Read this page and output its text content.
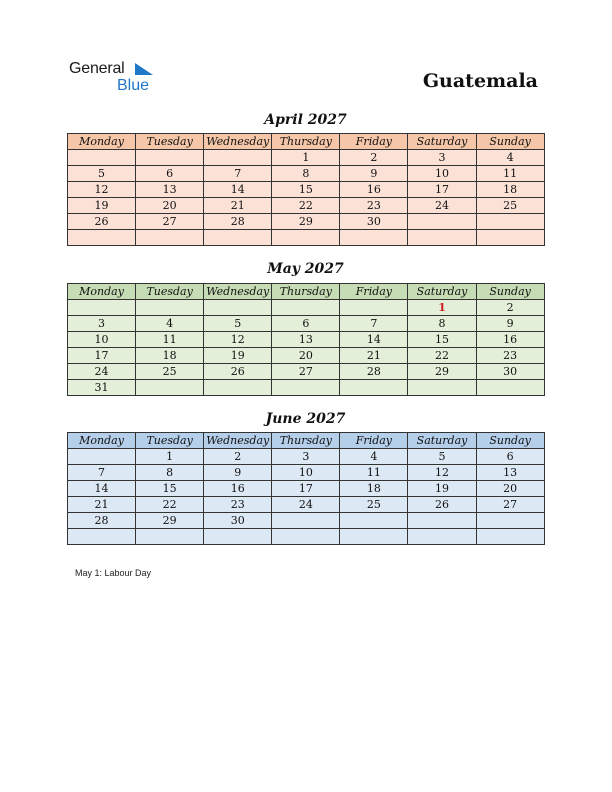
General
Blue	Guatemala
April 2027
Monday	Tuesday	Wednesday	Thursday	Friday	Saturday	Sunday
			1	2	3	4
5	6	7	8	9	10	11
12	13	14	15	16	17	18
19	20	21	22	23	24	25
26	27	28	29	30		

May 2027
Monday	Tuesday	Wednesday	Thursday	Friday	Saturday	Sunday
					1	2
3	4	5	6	7	8	9
10	11	12	13	14	15	16
17	18	19	20	21	22	23
24	25	26	27	28	29	30
31						
June 2027
Monday	Tuesday	Wednesday	Thursday	Friday	Saturday	Sunday
	1	2	3	4	5	6
7	8	9	10	11	12	13
14	15	16	17	18	19	20
21	22	23	24	25	26	27
28	29	30				

May 1: Labour Day
